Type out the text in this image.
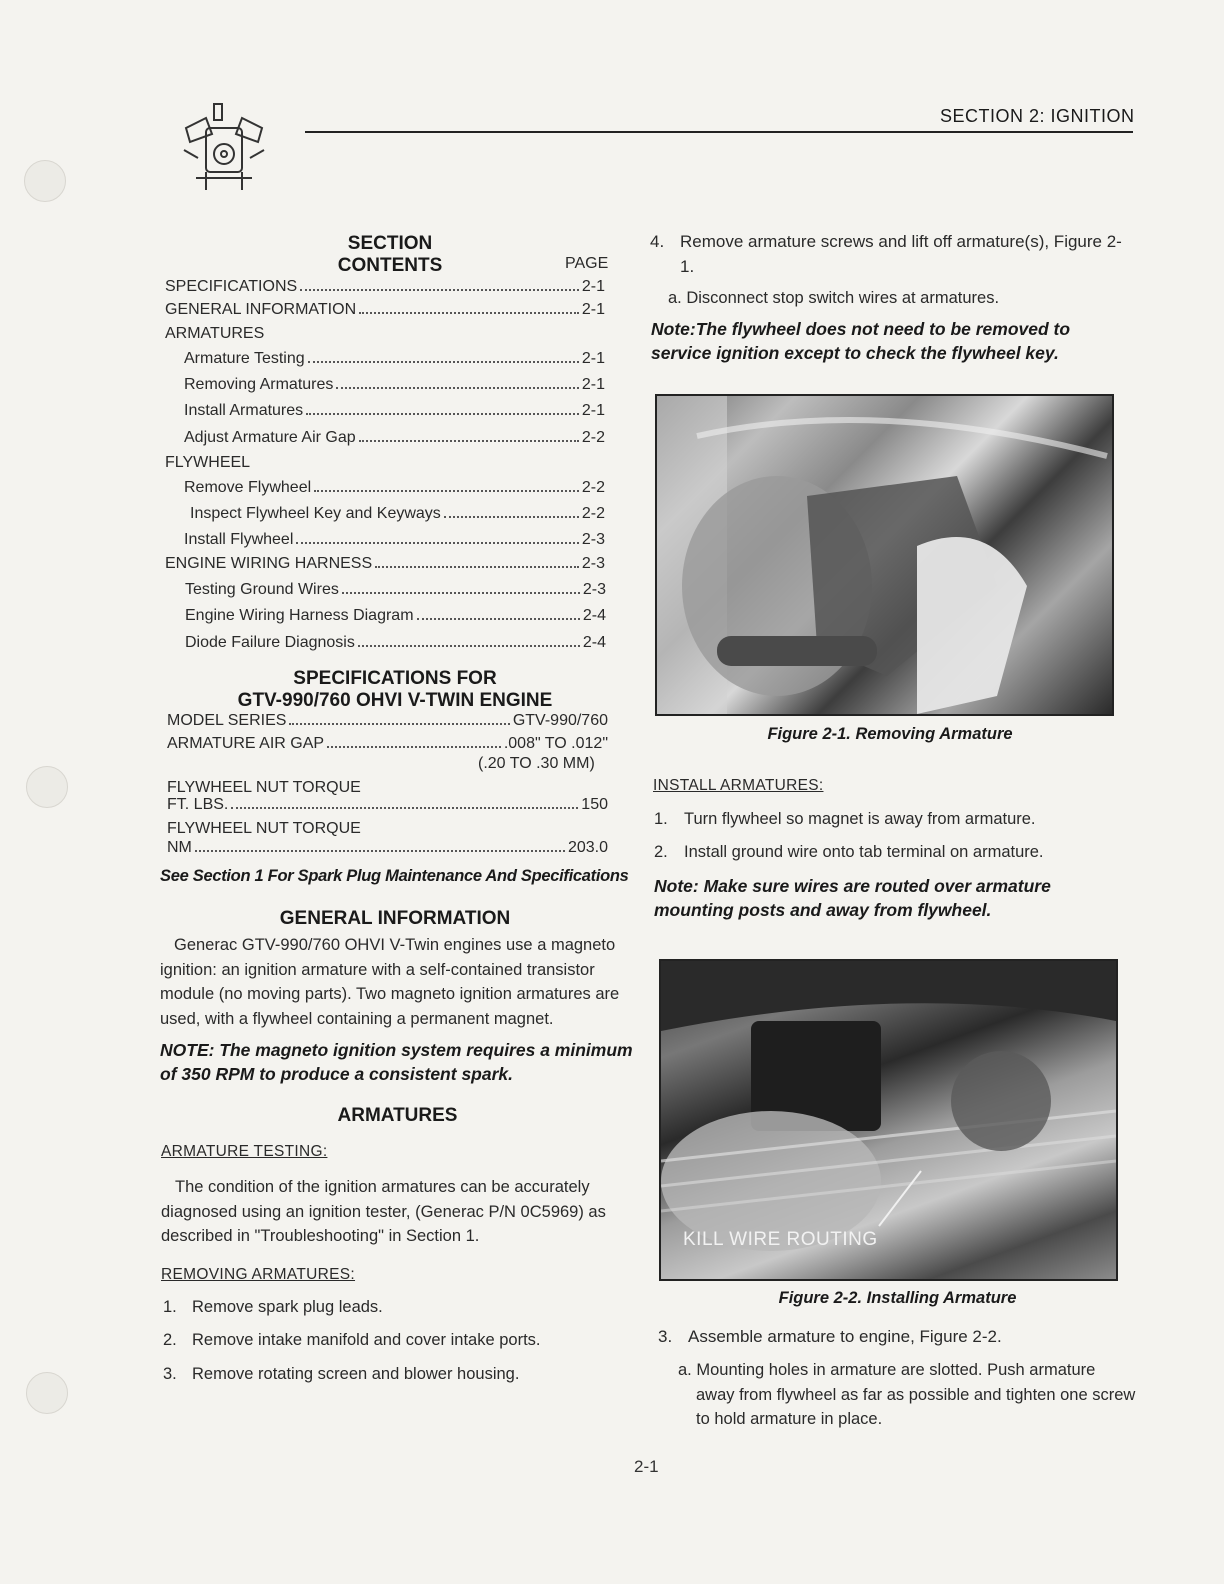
SECTION 2: IGNITION
SECTION CONTENTS	PAGE
SPECIFICATIONS	2-1
GENERAL INFORMATION	2-1
ARMATURES
Armature Testing	2-1
Removing Armatures	2-1
Install Armatures	2-1
Adjust Armature Air Gap	2-2
FLYWHEEL
Remove Flywheel	2-2
Inspect Flywheel Key and Keyways	2-2
Install Flywheel	2-3
ENGINE WIRING HARNESS	2-3
Testing Ground Wires	2-3
Engine Wiring Harness Diagram	2-4
Diode Failure Diagnosis	2-4
SPECIFICATIONS FOR
GTV-990/760 OHVI V-TWIN ENGINE
MODEL SERIES	GTV-990/760
ARMATURE AIR GAP	.008" TO .012"
(.20 TO .30 MM)
FLYWHEEL NUT TORQUE
FT. LBS.	150
FLYWHEEL NUT TORQUE
NM	203.0
See Section 1 For Spark Plug Maintenance And Specifications
GENERAL INFORMATION
Generac GTV-990/760 OHVI V-Twin engines use a magneto ignition: an ignition armature with a self-contained transistor module (no moving parts). Two magneto ignition armatures are used, with a flywheel containing a permanent magnet.
NOTE: The magneto ignition system requires a minimum of 350 RPM to produce a consistent spark.
ARMATURES
ARMATURE TESTING:
The condition of the ignition armatures can be accurately diagnosed using an ignition tester, (Generac P/N 0C5969) as described in "Troubleshooting" in Section 1.
REMOVING ARMATURES:
1. Remove spark plug leads.
2. Remove intake manifold and cover intake ports.
3. Remove rotating screen and blower housing.
4. Remove armature screws and lift off armature(s), Figure 2-1.
a. Disconnect stop switch wires at armatures.
Note:The flywheel does not need to be removed to service ignition except to check the flywheel key.
Figure 2-1. Removing Armature
INSTALL ARMATURES:
1. Turn flywheel so magnet is away from armature.
2. Install ground wire onto tab terminal on armature.
Note: Make sure wires are routed over armature mounting posts and away from flywheel.
KILL WIRE ROUTING
Figure 2-2. Installing Armature
3. Assemble armature to engine, Figure 2-2.
a. Mounting holes in armature are slotted. Push armature away from flywheel as far as possible and tighten one screw to hold armature in place.
2-1
